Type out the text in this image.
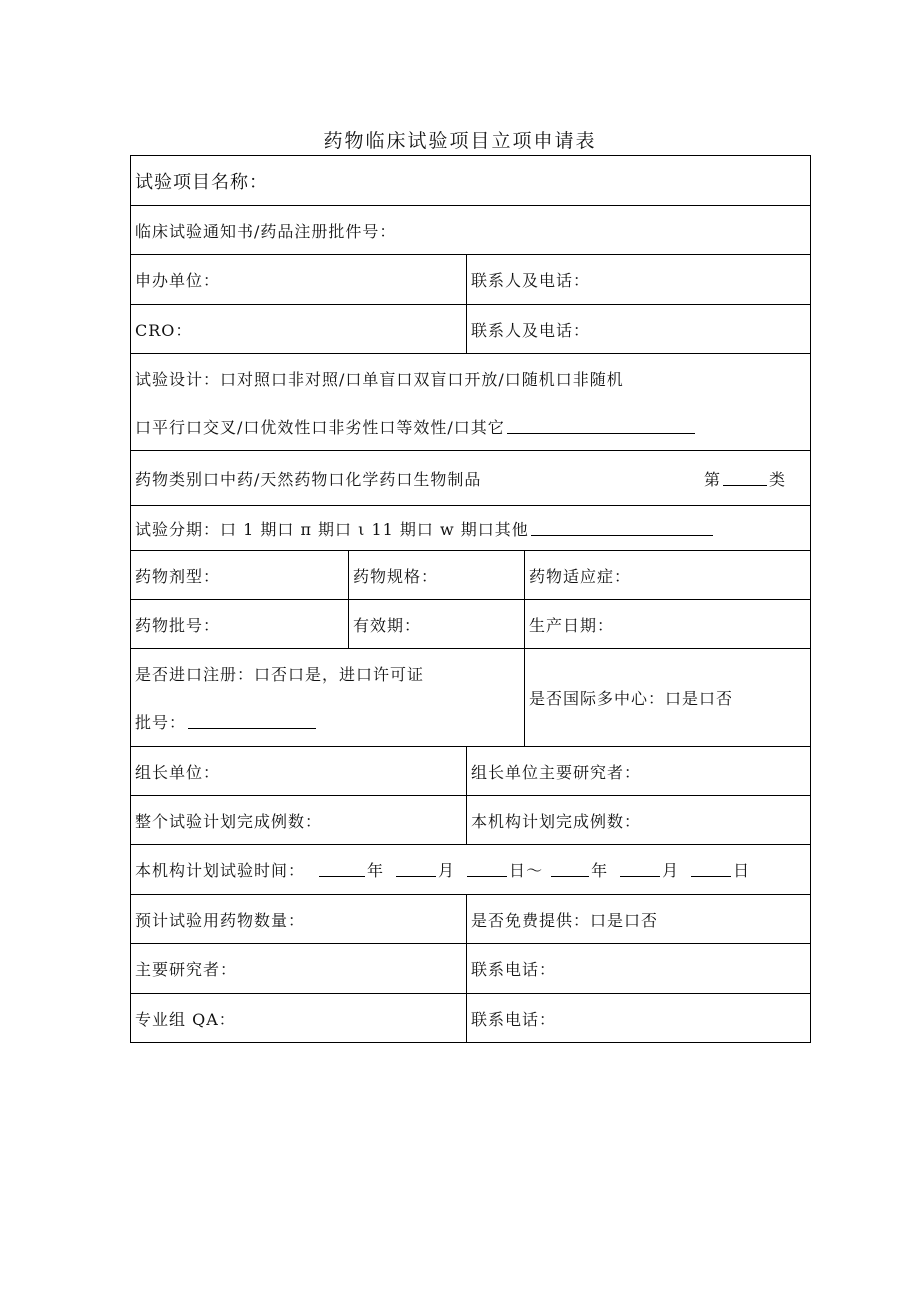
药物临床试验项目立项申请表
试验项目名称：
临床试验通知书/药品注册批件号：
申办单位：	联系人及电话：
CRO：	联系人及电话：
试验设计：口对照口非对照/口单盲口双盲口开放/口随机口非随机
口平行口交叉/口优效性口非劣性口等效性/口其它
药物类别口中药/天然药物口化学药口生物制品	第	类
试验分期：口 1 期口 π 期口 ι 11 期口 w 期口其他
药物剂型：	药物规格：	药物适应症：
药物批号：	有效期：	生产日期：
是否进口注册：口否口是，进口许可证
批号：
是否国际多中心：口是口否
组长单位：	组长单位主要研究者：
整个试验计划完成例数：	本机构计划完成例数：
本机构计划试验时间：	年	月	日 ～	年	月	日
预计试验用药物数量：	是否免费提供：口是口否
主要研究者：	联系电话：
专业组 QA：	联系电话：
